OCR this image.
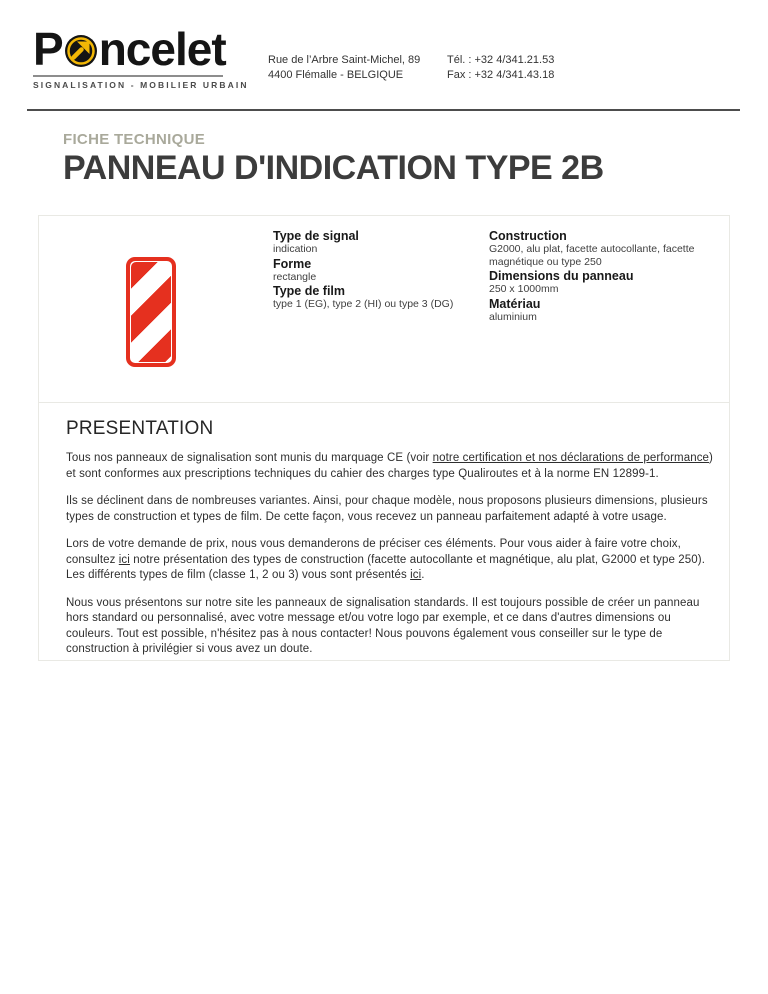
P ncelet
SIGNALISATION - MOBILIER URBAIN
Rue de l’Arbre Saint-Michel, 89
4400 Flémalle - BELGIQUE
Tél. : +32 4/341.21.53
Fax : +32 4/341.43.18
FICHE TECHNIQUE
PANNEAU D'INDICATION TYPE 2B
Type de signal
indication
Forme
rectangle
Type de film
type 1 (EG), type 2 (HI) ou type 3 (DG)
Construction
G2000, alu plat, facette autocollante, facette magnétique ou type 250
Dimensions du panneau
250 x 1000mm
Matériau
aluminium
PRESENTATION

Tous nos panneaux de signalisation sont munis du marquage CE (voir notre certification et nos déclarations de performance) et sont conformes aux prescriptions techniques du cahier des charges type Qualiroutes et à la norme EN 12899-1.

Ils se déclinent dans de nombreuses variantes. Ainsi, pour chaque modèle, nous proposons plusieurs dimensions, plusieurs types de construction et types de film. De cette façon, vous recevez un panneau parfaitement adapté à votre usage.

Lors de votre demande de prix, nous vous demanderons de préciser ces éléments. Pour vous aider à faire votre choix, consultez ici notre présentation des types de construction (facette autocollante et magnétique, alu plat, G2000 et type 250). Les différents types de film (classe 1, 2 ou 3) vous sont présentés ici.

Nous vous présentons sur notre site les panneaux de signalisation standards. Il est toujours possible de créer un panneau hors standard ou personnalisé, avec votre message et/ou votre logo par exemple, et ce dans d'autres dimensions ou couleurs. Tout est possible, n'hésitez pas à nous contacter! Nous pouvons également vous conseiller sur le type de construction à privilégier si vous avez un doute.
